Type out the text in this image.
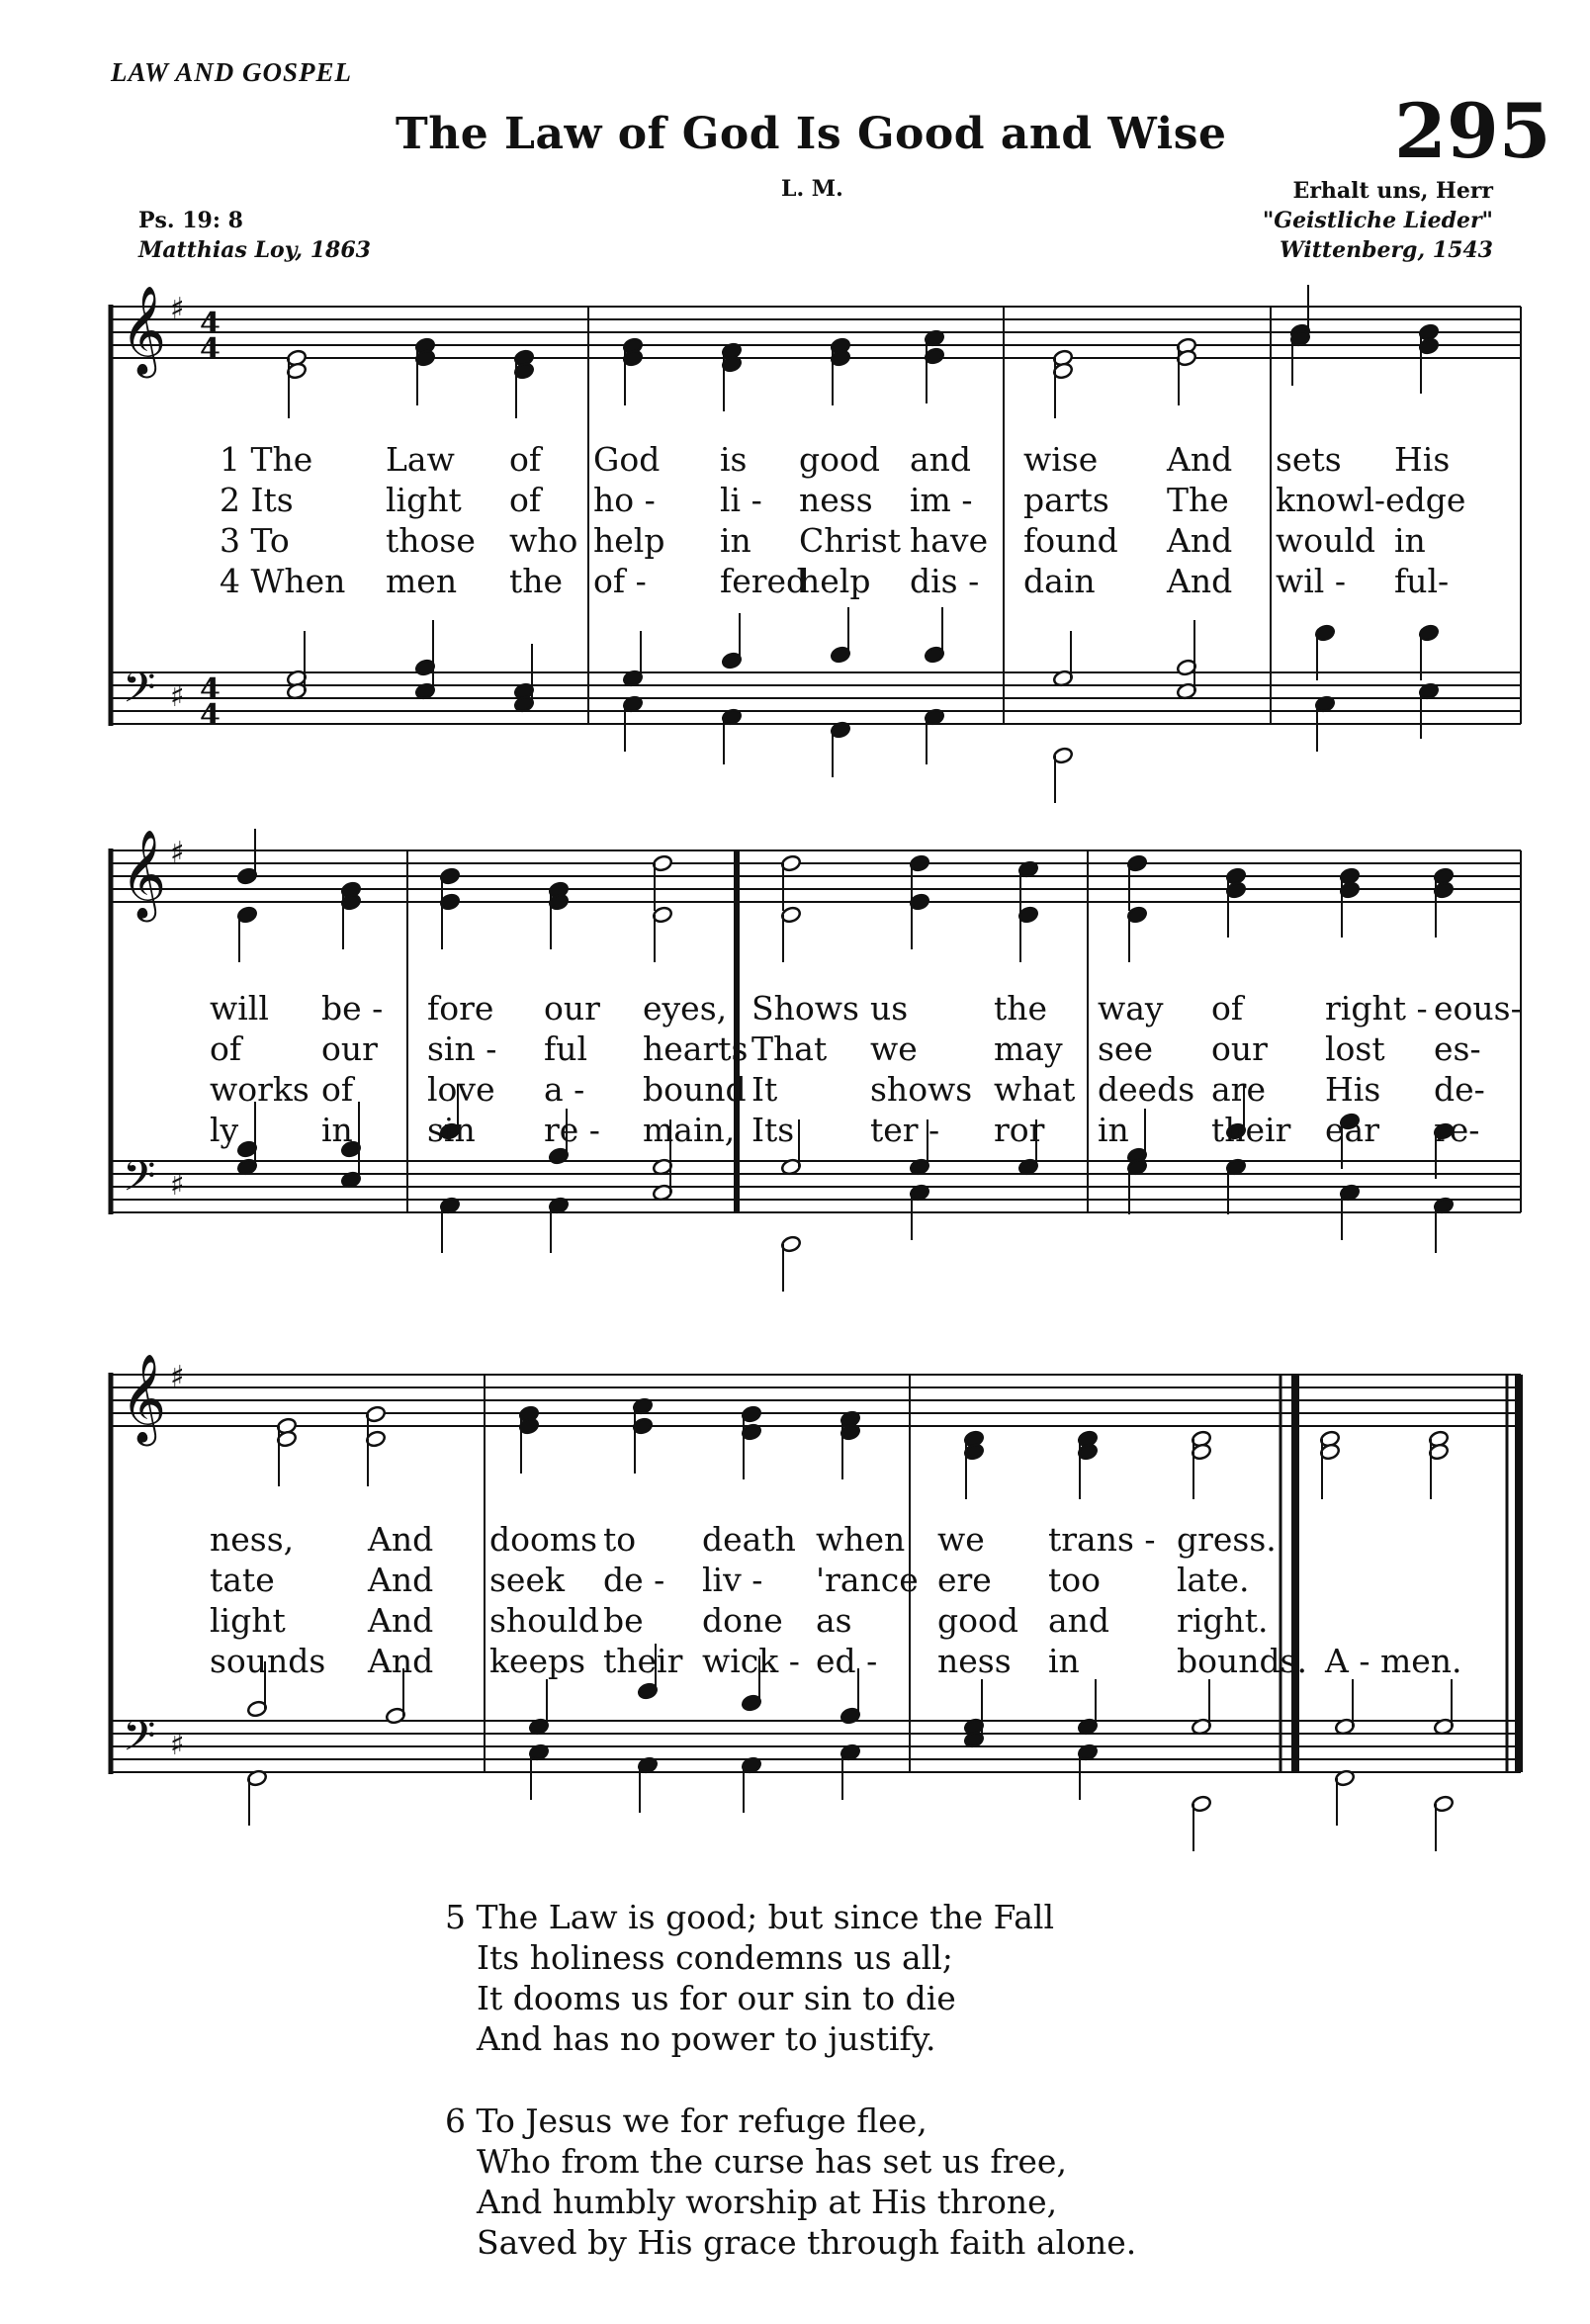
LAW AND GOSPEL
The Law of God Is Good and Wise 295
L. M.
Ps. 19: 8
Matthias Loy, 1863
Erhalt uns, Herr
"Geistliche Lieder"
Wittenberg, 1543
𝄞
𝄢
♯
♯
4
4
4
4
1 The Law of God is good and wise And sets His
2 Its	light of ho - li - ness im - parts The knowl-edge
3 To	those who help in Christ have found And would in
4 When men the of - fered
help dis - dain And wil - ful-
𝄞
𝄢
♯
♯
will be - fore our eyes, Shows us	the way of	right - eous-
of our sin - ful hearts That we may see our lost es-
works of love a - bound It	shows what deeds are His de-
ly	in sin re - main, Its ter - ror in	their ear re-
𝄞
𝄢
♯
♯
ness, And dooms to death when we trans - gress.
tate	And seek de - liv - 'rance ere too late.
light	And should be done as	good and right.
sounds And keeps their wick - ed - ness in	bounds. A - men.
5 The Law is good; but since the Fall
Its holiness condemns us all;
It dooms us for our sin to die
And has no power to justify.
6 To Jesus we for refuge flee,
Who from the curse has set us free,
And humbly worship at His throne,
Saved by His grace through faith alone.
